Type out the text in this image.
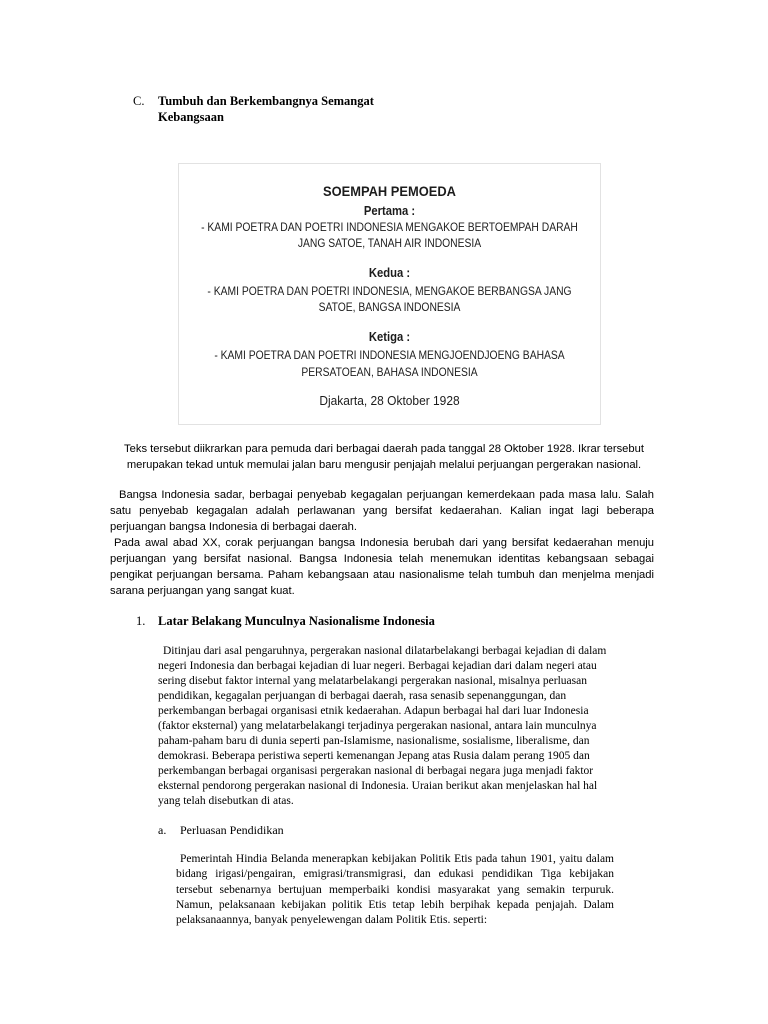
C. Tumbuh dan Berkembangnya Semangat
Kebangsaan
SOEMPAH PEMOEDA
Pertama :
- KAMI POETRA DAN POETRI INDONESIA MENGAKOE BERTOEMPAH DARAH
JANG SATOE, TANAH AIR INDONESIA
Kedua :
- KAMI POETRA DAN POETRI INDONESIA, MENGAKOE BERBANGSA JANG
SATOE, BANGSA INDONESIA
Ketiga :
- KAMI POETRA DAN POETRI INDONESIA MENGJOENDJOENG BAHASA
PERSATOEAN, BAHASA INDONESIA
Djakarta, 28 Oktober 1928
Teks tersebut diikrarkan para pemuda dari berbagai daerah pada tanggal 28 Oktober 1928. Ikrar tersebut
merupakan tekad untuk memulai jalan baru mengusir penjajah melalui perjuangan pergerakan nasional.
Bangsa Indonesia sadar, berbagai penyebab kegagalan perjuangan kemerdekaan pada masa lalu. Salah
satu penyebab kegagalan adalah perlawanan yang bersifat kedaerahan. Kalian ingat lagi beberapa
perjuangan bangsa Indonesia di berbagai daerah.
Pada awal abad XX, corak perjuangan bangsa Indonesia berubah dari yang bersifat kedaerahan menuju
perjuangan yang bersifat nasional. Bangsa Indonesia telah menemukan identitas kebangsaan sebagai
pengikat perjuangan bersama. Paham kebangsaan atau nasionalisme telah tumbuh dan menjelma menjadi
sarana perjuangan yang sangat kuat.
1. Latar Belakang Munculnya Nasionalisme Indonesia
Ditinjau dari asal pengaruhnya, pergerakan nasional dilatarbelakangi berbagai kejadian di dalam
negeri Indonesia dan berbagai kejadian di luar negeri. Berbagai kejadian dari dalam negeri atau
sering disebut faktor internal yang melatarbelakangi pergerakan nasional, misalnya perluasan
pendidikan, kegagalan perjuangan di berbagai daerah, rasa senasib sepenanggungan, dan
perkembangan berbagai organisasi etnik kedaerahan. Adapun berbagai hal dari luar Indonesia
(faktor eksternal) yang melatarbelakangi terjadinya pergerakan nasional, antara lain munculnya
paham-paham baru di dunia seperti pan-Islamisme, nasionalisme, sosialisme, liberalisme, dan
demokrasi. Beberapa peristiwa seperti kemenangan Jepang atas Rusia dalam perang 1905 dan
perkembangan berbagai organisasi pergerakan nasional di berbagai negara juga menjadi faktor
eksternal pendorong pergerakan nasional di Indonesia. Uraian berikut akan menjelaskan hal hal
yang telah disebutkan di atas.
a. Perluasan Pendidikan
Pemerintah Hindia Belanda menerapkan kebijakan Politik Etis pada tahun 1901, yaitu dalam
bidang irigasi/pengairan, emigrasi/transmigrasi, dan edukasi pendidikan Tiga kebijakan
tersebut sebenarnya bertujuan memperbaiki kondisi masyarakat yang semakin terpuruk.
Namun, pelaksanaan kebijakan politik Etis tetap lebih berpihak kepada penjajah. Dalam
pelaksanaannya, banyak penyelewengan dalam Politik Etis. seperti:
